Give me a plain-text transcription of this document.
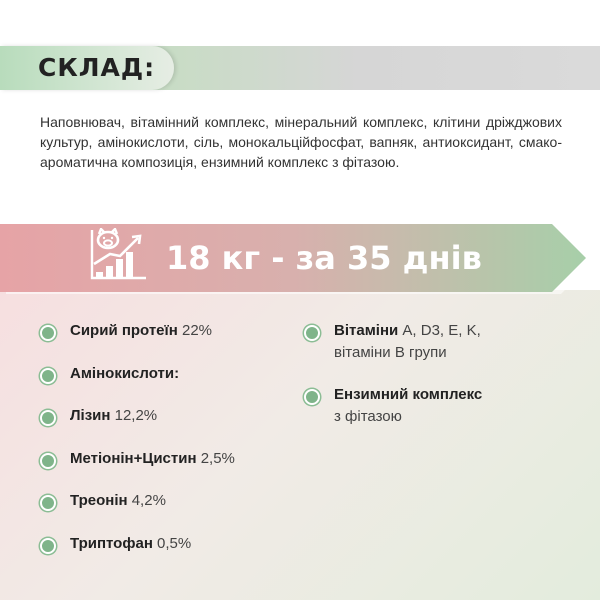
СКЛАД:

Наповнювач, вітамінний комплекс, мінеральний комплекс, клітини дріжджових культур, амінокислоти, сіль, монокальційфосфат, вапняк, антиоксидант, смако-ароматична композиція, ензимний комплекс з фітазою.

18 кг - за 35 днів
Сирий протеїн 22%
Амінокислоти:
Лізин 12,2%
Метіонін+Цистин 2,5%
Треонін 4,2%
Триптофан 0,5%
Вітаміни A, D3, E, K,
вітаміни В групи
Ензимний комплекс
з фітазою
